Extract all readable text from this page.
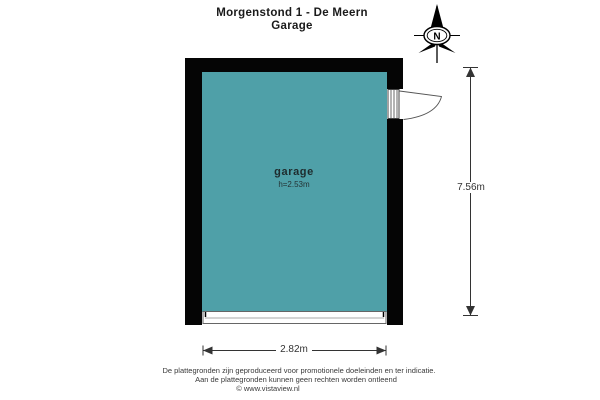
Morgenstond 1 - De Meern
Garage
N
garage
h=2.53m
2.82m
7.56m
De plattegronden zijn geproduceerd voor promotionele doeleinden en ter indicatie.
Aan de plattegronden kunnen geen rechten worden ontleend
© www.vistaview.nl
